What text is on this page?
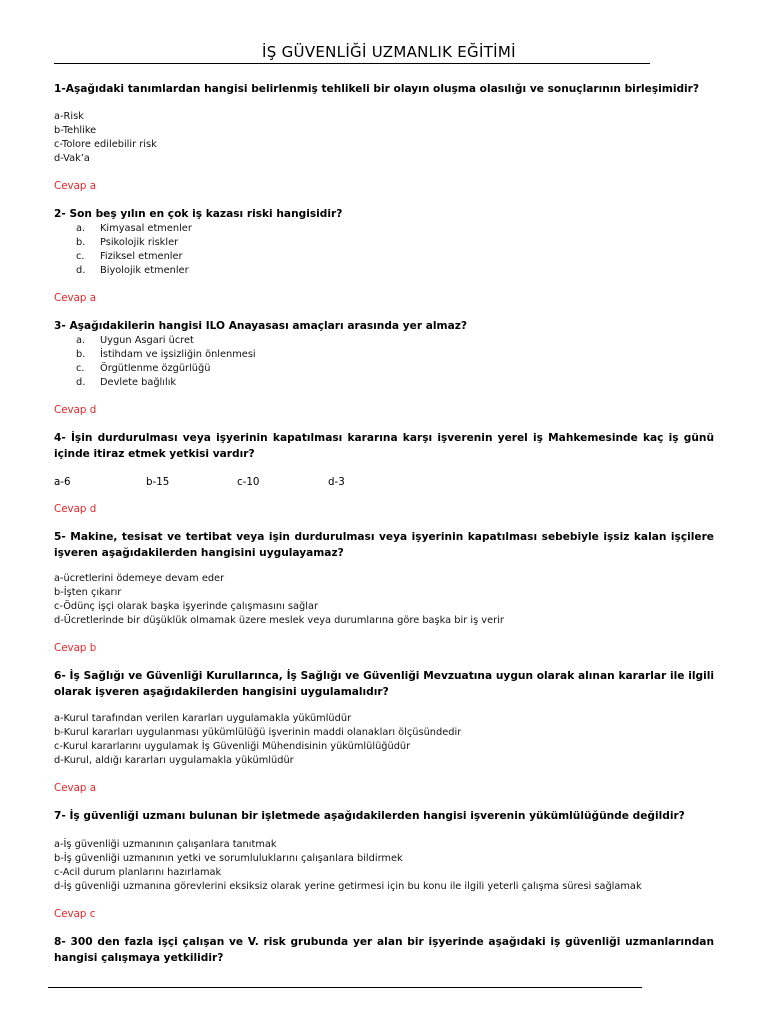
İŞ GÜVENLİĞİ UZMANLIK EĞİTİMİ
1-Aşağıdaki tanımlardan hangisi belirlenmiş tehlikeli bir olayın oluşma olasılığı ve sonuçlarının birleşimidir?
a-Risk
b-Tehlike
c-Tolore edilebilir risk
d-Vak’a
Cevap a
2- Son beş yılın en çok iş kazası riski hangisidir?
a.	Kimyasal etmenler
b.	Psikolojik riskler
c.	Fiziksel etmenler
d.	Biyolojik etmenler
Cevap a
3- Aşağıdakilerin hangisi ILO Anayasası amaçları arasında yer almaz?
a.	Uygun Asgari ücret
b.	İstihdam ve işsizliğin önlenmesi
c.	Örgütlenme özgürlüğü
d.	Devlete bağlılık
Cevap d
4- İşin durdurulması veya işyerinin kapatılması kararına karşı işverenin yerel iş Mahkemesinde kaç iş günü içinde itiraz etmek yetkisi vardır?
a-6	b-15	c-10	d-3
Cevap d
5- Makine, tesisat ve tertibat veya işin durdurulması veya işyerinin kapatılması sebebiyle işsiz kalan işçilere işveren aşağıdakilerden hangisini uygulayamaz?
a-ücretlerini ödemeye devam eder
b-İşten çıkarır
c-Ödünç işçi olarak başka işyerinde çalışmasını sağlar
d-Ücretlerinde bir düşüklük olmamak üzere meslek veya durumlarına göre başka bir iş verir
Cevap b
6- İş Sağlığı ve Güvenliği Kurullarınca, İş Sağlığı ve Güvenliği Mevzuatına uygun olarak alınan kararlar ile ilgili olarak işveren aşağıdakilerden hangisini uygulamalıdır?
a-Kurul tarafından verilen kararları uygulamakla yükümlüdür
b-Kurul kararları uygulanması yükümlülüğü işverinin maddi olanakları ölçüsündedir
c-Kurul kararlarını uygulamak İş Güvenliği Mühendisinin yükümlülüğüdür
d-Kurul, aldığı kararları uygulamakla yükümlüdür
Cevap a
7- İş güvenliği uzmanı bulunan bir işletmede aşağıdakilerden hangisi işverenin yükümlülüğünde değildir?
a-İş güvenliği uzmanının çalışanlara tanıtmak
b-İş güvenliği uzmanının yetki ve sorumluluklarını çalışanlara bildirmek
c-Acil durum planlarını hazırlamak
d-İş güvenliği uzmanına görevlerini eksiksiz olarak yerine getirmesi için bu konu ile ilgili yeterli çalışma süresi sağlamak
Cevap c
8- 300 den fazla işçi çalışan ve V. risk grubunda yer alan bir işyerinde aşağıdaki iş güvenliği uzmanlarından hangisi çalışmaya yetkilidir?
